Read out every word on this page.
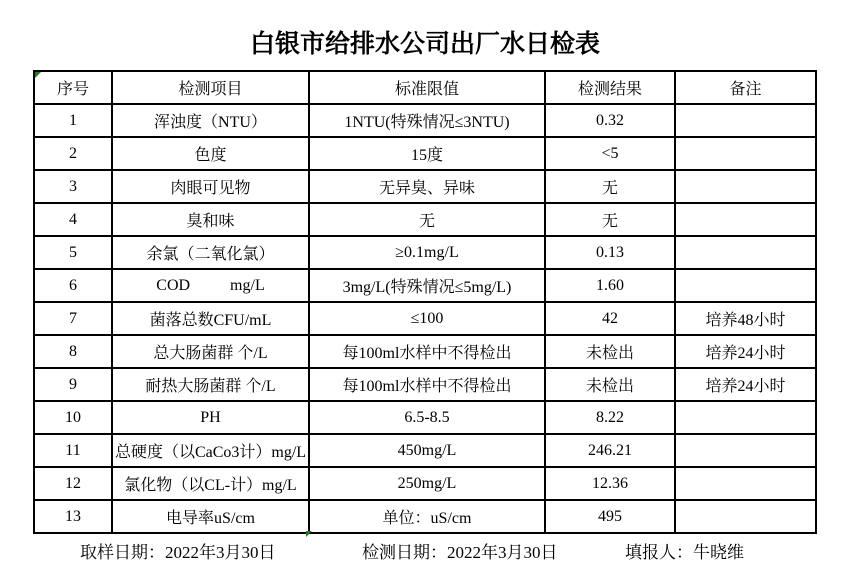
白银市给排水公司出厂水日检表
序号	检测项目	标准限值	检测结果	备注
1	浑浊度（NTU）	1NTU(特殊情况≤3NTU)	0.32	
2	色度	15度	<5	
3	肉眼可见物	无异臭、异味	无	
4	臭和味	无	无	
5	余氯（二氧化氯）	≥0.1mg/L	0.13	
6	COD          mg/L	3mg/L(特殊情况≤5mg/L)	1.60	
7	菌落总数CFU/mL	≤100	42	培养48小时
8	总大肠菌群 个/L	每100ml水样中不得检出	未检出	培养24小时
9	耐热大肠菌群 个/L	每100ml水样中不得检出	未检出	培养24小时
10	PH	6.5-8.5	8.22	
11	总硬度（以CaCo3计）mg/L	450mg/L	246.21	
12	氯化物（以CL-计）mg/L	250mg/L	12.36	
13	电导率uS/cm	单位：uS/cm	495	
取样日期：2022年3月30日	检测日期：2022年3月30日	填报人：牛晓维
